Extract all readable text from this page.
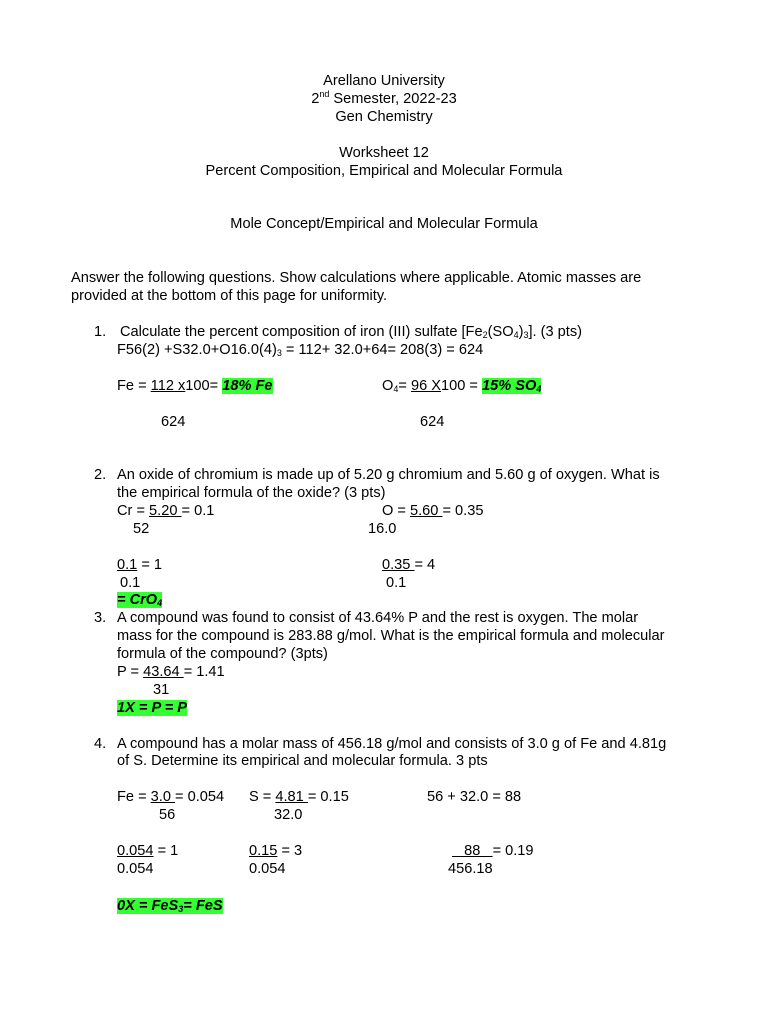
Arellano University
2nd Semester, 2022-23
Gen Chemistry
Worksheet 12
Percent Composition, Empirical and Molecular Formula
Mole Concept/Empirical and Molecular Formula
Answer the following questions. Show calculations where applicable. Atomic masses are
provided at the bottom of this page for uniformity.
1. Calculate the percent composition of iron (III) sulfate $[Fe_2(SO_4)_3]$. (3 pts)
$F56(2) +S32.0+O16.0(4)_3 = 112+ 32.0+64= 208(3) = 624$
Fe = 112 x100= 18% Fe
624
$O_4= 96$ X100 = 15% $SO_4$
624
2. An oxide of chromium is made up of 5.20 g chromium and 5.60 g of oxygen. What is
the empirical formula of the oxide? (3 pts)
Cr = 5.20 = 0.1
52
O = 5.60 = 0.35
16.0
0.1 = 1
0.1
0.35 = 4
0.1
= CrO$_4$
3. A compound was found to consist of 43.64% P and the rest is oxygen. The molar
mass for the compound is 283.88 g/mol. What is the empirical formula and molecular
formula of the compound? (3pts)
P = 43.64 = 1.41
31
1X = P = P
4. A compound has a molar mass of 456.18 g/mol and consists of 3.0 g of Fe and 4.81g
of S. Determine its empirical and molecular formula. 3 pts
Fe = 3.0 = 0.054
56
S = 4.81 = 0.15
32.0
56 + 32.0 = 88
0.054 = 1
0.054
0.15 = 3
0.054
88   = 0.19
456.18
0X = FeS$_3$= FeS
